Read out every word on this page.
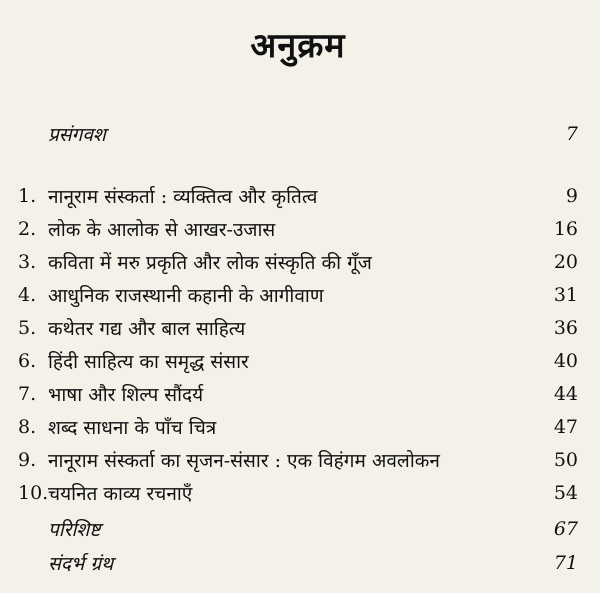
अनुक्रम
प्रसंगवश	7
1. नानूराम संस्कर्ता : व्यक्तित्व और कृतित्व	9
2. लोक के आलोक से आखर-उजास	16
3. कविता में मरु प्रकृति और लोक संस्कृति की गूँज	20
4. आधुनिक राजस्थानी कहानी के आगीवाण	31
5. कथेतर गद्य और बाल साहित्य	36
6. हिंदी साहित्य का समृद्ध संसार	40
7. भाषा और शिल्प सौंदर्य	44
8. शब्द साधना के पाँच चित्र	47
9. नानूराम संस्कर्ता का सृजन-संसार : एक विहंगम अवलोकन	50
10. चयनित काव्य रचनाएँ	54
परिशिष्ट	67
संदर्भ ग्रंथ	71
